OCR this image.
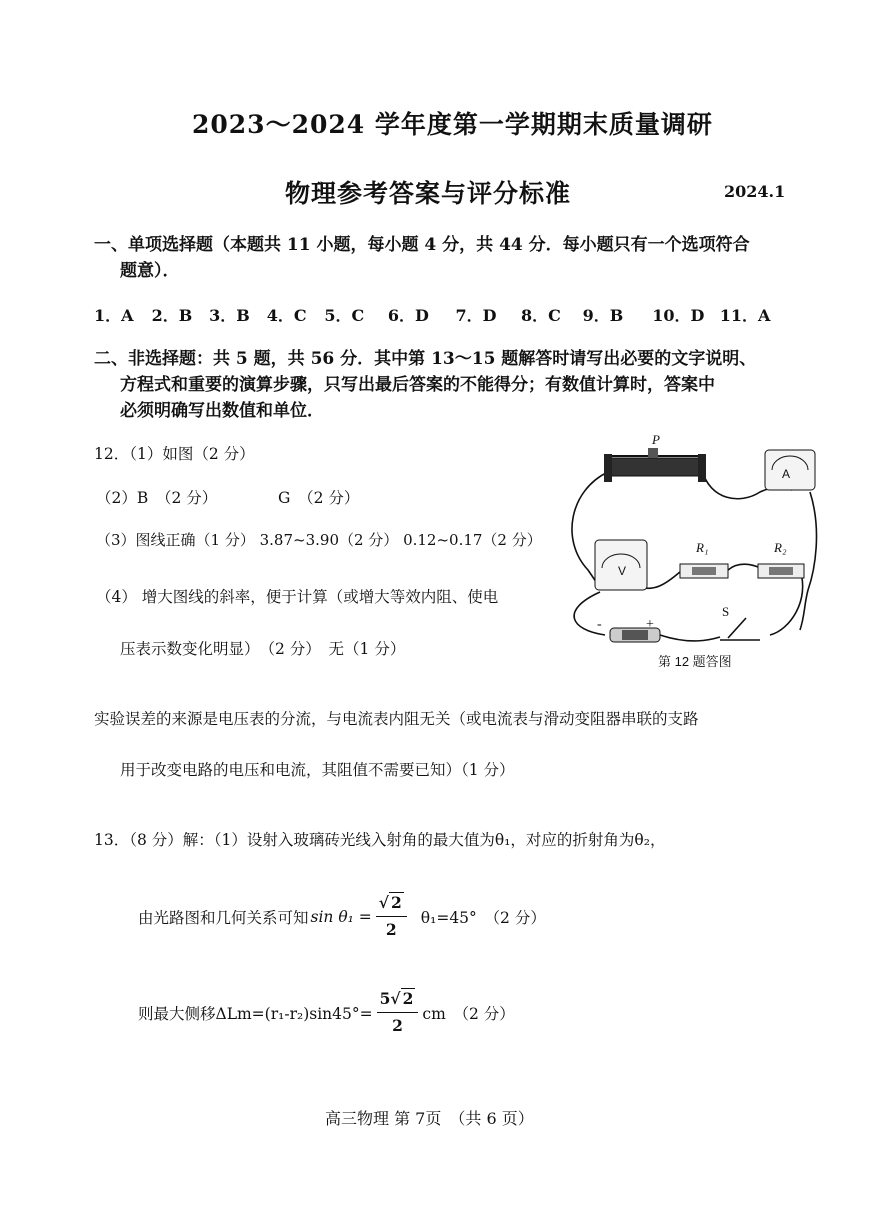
2023～2024 学年度第一学期期末质量调研
物理参考答案与评分标准	2024.1
一、单项选择题（本题共 11 小题，每小题 4 分，共 44 分．每小题只有一个选项符合
题意）．
1．A 2．B 3．B 4．C 5．C 6．D 7．D 8．C 9．B 10．D 11．A
二、非选择题：共 5 题，共 56 分．其中第 13～15 题解答时请写出必要的文字说明、
方程式和重要的演算步骤，只写出最后答案的不能得分；有数值计算时，答案中
必须明确写出数值和单位．
12．（1）如图（2 分）
（2）B　（2 分）	G　（2 分）
（3）图线正确（1 分） 3.87~3.90（2 分） 0.12~0.17（2 分）
（4） 增大图线的斜率，便于计算（或增大等效内阻、使电
压表示数变化明显）　（2 分）　无（1 分）
实验误差的来源是电压表的分流，与电流表内阻无关（或电流表与滑动变阻器串联的支路
用于改变电路的电压和电流，其阻值不需要已知）（1 分）
P
A
V
R₁	R₂
-	+
S
第 12 题答图
13．（8 分）解：（1）设射入玻璃砖光线入射角的最大值为θ₁，对应的折射角为θ₂，
由光路图和几何关系可知 $\sin \theta_1 = \frac{√ 2}{2} \theta_1=45^\circ$　（2 分）
则最大侧移$\Delta Lm=(r_1-r_2)\sin 45^\circ= \frac{5√ 2}{2}$ cm　（2 分）
高三物理 第 7页　（共 6 页）
